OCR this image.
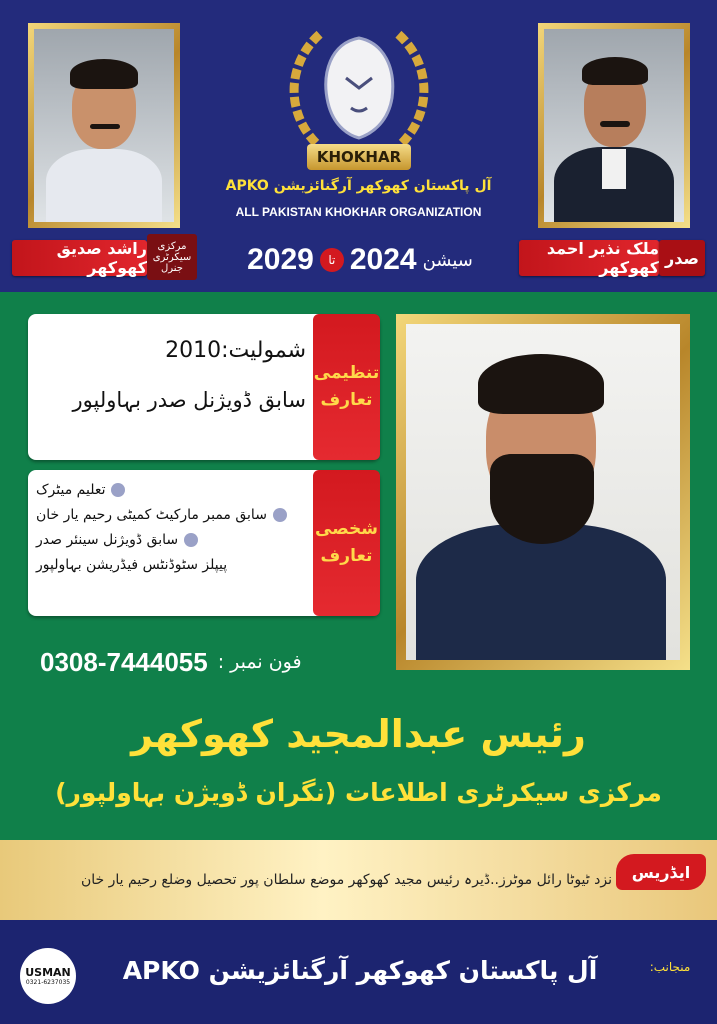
KHOKHAR
آل پاکستان کھوکھر آرگنائزیشن APKO
ALL PAKISTAN KHOKHAR ORGANIZATION
2029	تا 2024 سیشن
راشد صدیق کھوکھر
مرکزی سیکرٹری جنرل
ملک نذیر احمد کھوکھر صدر
شمولیت:2010
سابق ڈویژنل صدر بہاولپور
تنظیمی
تعارف
تعلیم میٹرک
سابق ممبر مارکیٹ کمیٹی رحیم یار خان
سابق ڈویژنل سینئر صدر
پیپلز سٹوڈنٹس فیڈریشن بہاولپور
شخصی
تعارف
0308-7444055 فون نمبر :
رئیس عبدالمجید کھوکھر
مرکزی سیکرٹری اطلاعات (نگران ڈویژن بہاولپور)
نزد ٹیوٹا رائل موٹرز..ڈیرہ رئیس مجید کھوکھر موضع سلطان پور تحصیل وضلع رحیم یار خان	ایڈریس
USMAN
0321-6237035	آل پاکستان کھوکھر آرگنائزیشن APKO	منجانب:
